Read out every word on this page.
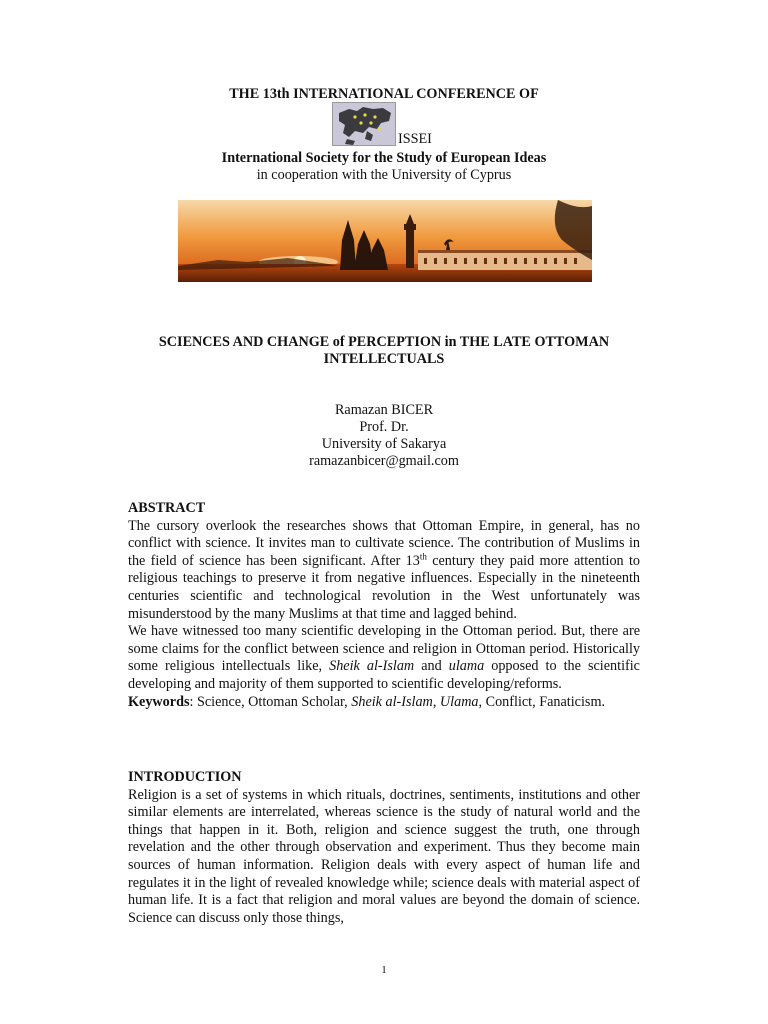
THE 13th INTERNATIONAL CONFERENCE OF
ISSEI
International Society for the Study of European Ideas
in cooperation with the University of Cyprus
SCIENCES AND CHANGE of PERCEPTION in THE LATE OTTOMAN
INTELLECTUALS
Ramazan BICER
Prof. Dr.
University of Sakarya
ramazanbicer@gmail.com
ABSTRACT

The cursory overlook the researches shows that Ottoman Empire, in general, has no conflict with science. It invites man to cultivate science. The contribution of Muslims in the field of science has been significant. After 13th century they paid more attention to religious teachings to preserve it from negative influences. Especially in the nineteenth centuries scientific and technological revolution in the West unfortunately was misunderstood by the many Muslims at that time and lagged behind.

We have witnessed too many scientific developing in the Ottoman period. But, there are some claims for the conflict between science and religion in Ottoman period. Historically some religious intellectuals like, Sheik al-Islam and ulama opposed to the scientific developing and majority of them supported to scientific developing/reforms.

Keywords: Science, Ottoman Scholar, Sheik al-Islam, Ulama, Conflict, Fanaticism.

INTRODUCTION

Religion is a set of systems in which rituals, doctrines, sentiments, institutions and other similar elements are interrelated, whereas science is the study of natural world and the things that happen in it. Both, religion and science suggest the truth, one through revelation and the other through observation and experiment. Thus they become main sources of human information. Religion deals with every aspect of human life and regulates it in the light of revealed knowledge while; science deals with material aspect of human life. It is a fact that religion and moral values are beyond the domain of science. Science can discuss only those things,

1
